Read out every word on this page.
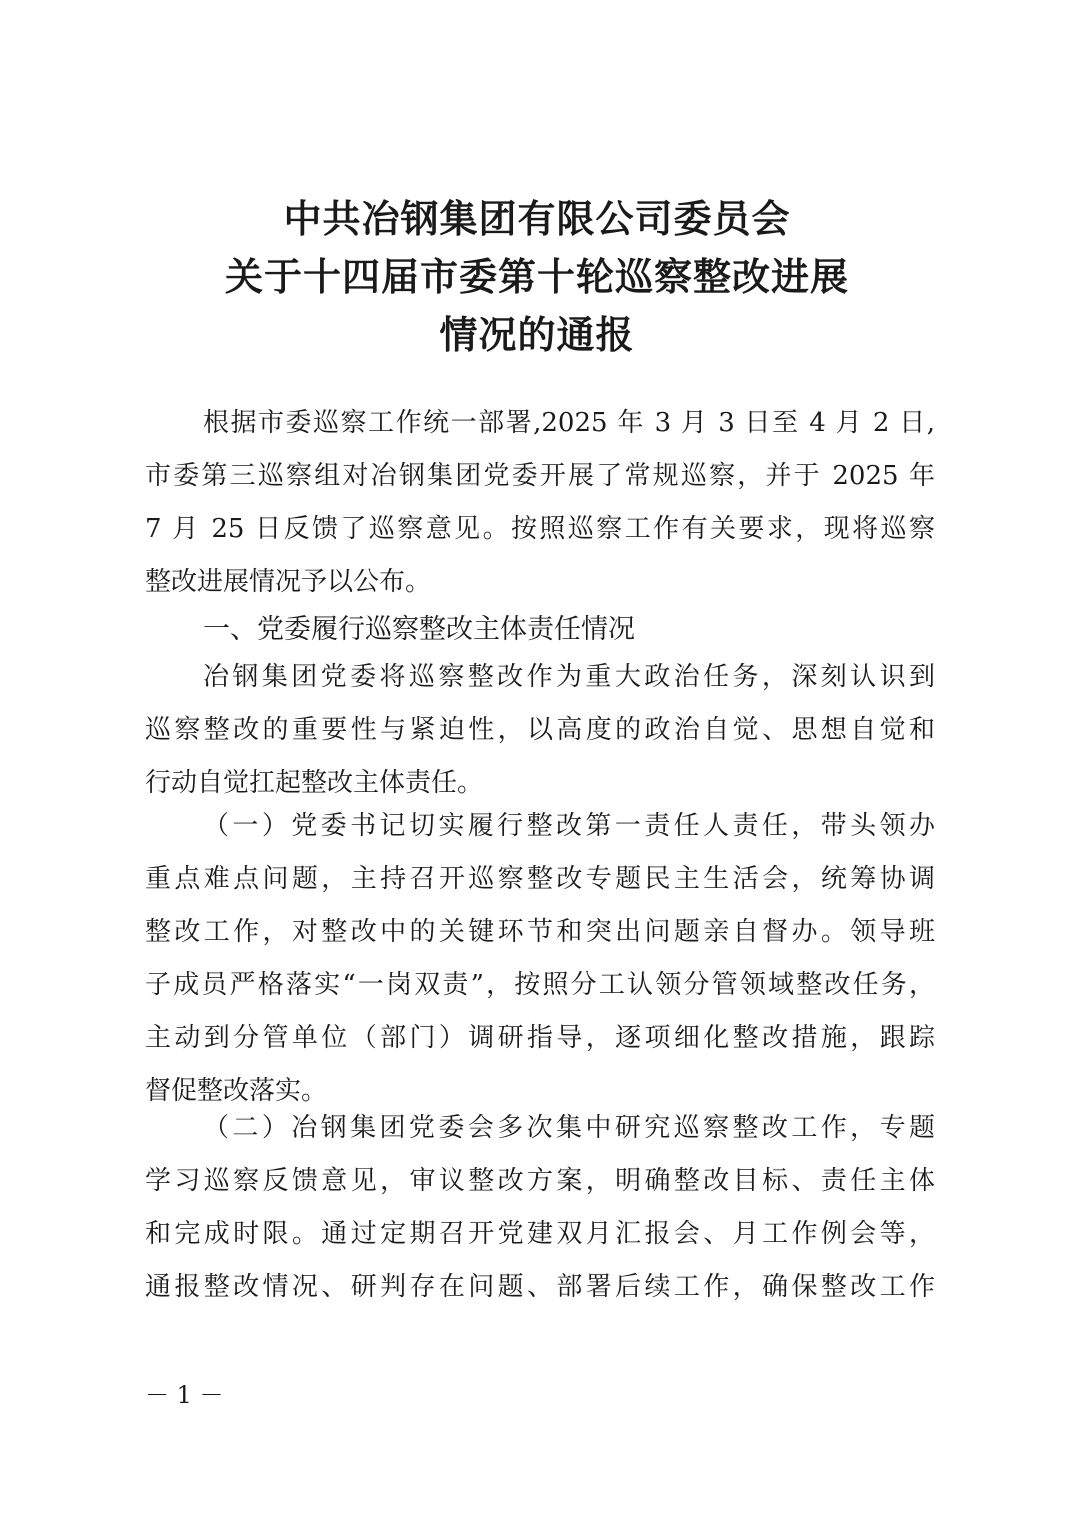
中共冶钢集团有限公司委员会
关于十四届市委第十轮巡察整改进展
情况的通报
根据市委巡察工作统一部署,2025 年 3 月 3 日至 4 月 2 日,
市委第三巡察组对冶钢集团党委开展了常规巡察，并于 2025 年
7 月 25 日反馈了巡察意见。按照巡察工作有关要求，现将巡察
整改进展情况予以公布。
一、党委履行巡察整改主体责任情况
冶钢集团党委将巡察整改作为重大政治任务，深刻认识到
巡察整改的重要性与紧迫性，以高度的政治自觉、思想自觉和
行动自觉扛起整改主体责任。
（一）党委书记切实履行整改第一责任人责任，带头领办
重点难点问题，主持召开巡察整改专题民主生活会，统筹协调
整改工作，对整改中的关键环节和突出问题亲自督办。领导班
子成员严格落实“一岗双责”，按照分工认领分管领域整改任务，
主动到分管单位（部门）调研指导，逐项细化整改措施，跟踪
督促整改落实。
（二）冶钢集团党委会多次集中研究巡察整改工作，专题
学习巡察反馈意见，审议整改方案，明确整改目标、责任主体
和完成时限。通过定期召开党建双月汇报会、月工作例会等，
通报整改情况、研判存在问题、部署后续工作，确保整改工作
－ 1 －
